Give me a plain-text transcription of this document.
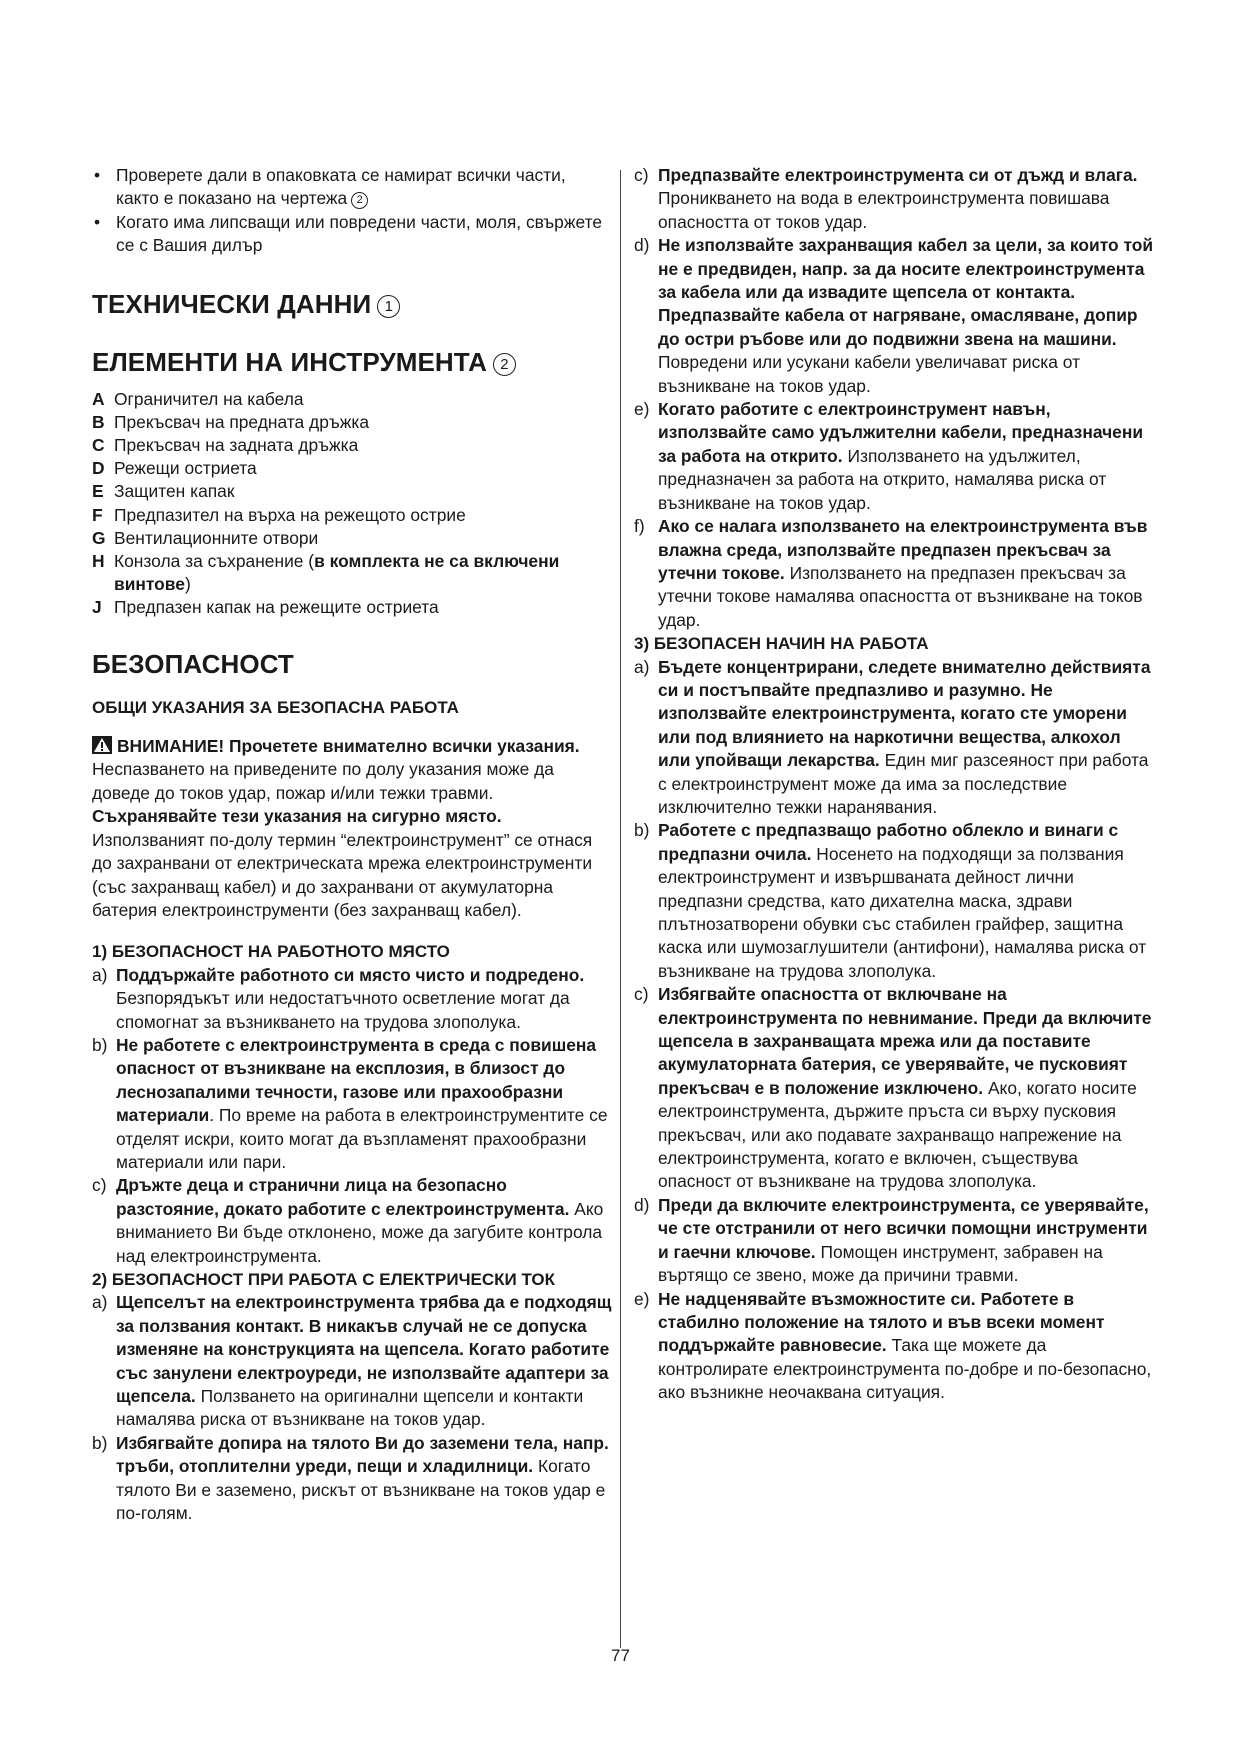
• Проверете дали в опаковката се намират всички части, както е показано на чертежа 2
• Когато има липсващи или повредени части, моля, свържете се с Вашия дилър
ТЕХНИЧЕСКИ ДАННИ 1
ЕЛЕМЕНТИ НА ИНСТРУМЕНТА 2
A Ограничител на кабела
B Прекъсвач на предната дръжка
C Прекъсвач на задната дръжка
D Режещи остриета
E Защитен капак
F Предпазител на върха на режещото острие
G Вентилационните отвори
H Конзола за съхранение (в комплекта не са включени винтове)
J Предпазен капак на режещите остриета
БЕЗОПАСНОСТ
ОБЩИ УКАЗАНИЯ ЗА БЕЗОПАСНА РАБОТА

ВНИМАНИЕ! Прочетете внимателно всички указания. Неспазването на приведените по долу указания може да доведе до токов удар, пожар и/или тежки травми. Съхранявайте тези указания на сигурно място. Използваният по-долу термин “електроинструмент” се отнася до захранвани от електрическата мрежа електроинструменти (със захранващ кабел) и до захранвани от акумулаторна батерия електроинструменти (без захранващ кабел).

1) БЕЗОПАСНОСТ НА РАБОТНОТО МЯСТО
a) Поддържайте работното си място чисто и подредено. Безпорядъкът или недостатъчното осветление могат да спомогнат за възникването на трудова злополука.
b) Не работете с електроинструмента в среда с повишена опасност от възникване на експлозия, в близост до леснозапалими течности, газове или прахообразни материали. По време на работа в електроинструментите се отделят искри, които могат да възпламенят прахообразни материали или пари.
c) Дръжте деца и странични лица на безопасно разстояние, докато работите с електроинструмента. Ако вниманието Ви бъде отклонено, може да загубите контрола над електроинструмента.
2) БЕЗОПАСНОСТ ПРИ РАБОТА С ЕЛЕКТРИЧЕСКИ ТОК
a) Щепселът на електроинструмента трябва да е подходящ за ползвания контакт. В никакъв случай не се допуска изменяне на конструкцията на щепсела. Когато работите със занулени електроуреди, не използвайте адаптери за щепсела. Ползването на оригинални щепсели и контакти намалява риска от възникване на токов удар.
b) Избягвайте допира на тялото Ви до заземени тела, напр. тръби, отоплителни уреди, пещи и хладилници. Когато тялото Ви е заземено, рискът от възникване на токов удар е по-голям.
c) Предпазвайте електроинструмента си от дъжд и влага. Проникването на вода в електроинструмента повишава опасността от токов удар.
d) Не използвайте захранващия кабел за цели, за които той не е предвиден, напр. за да носите електроинструмента за кабела или да извадите щепсела от контакта. Предпазвайте кабела от нагряване, омасляване, допир до остри ръбове или до подвижни звена на машини. Повредени или усукани кабели увеличават риска от възникване на токов удар.
e) Когато работите с електроинструмент навън, използвайте само удължителни кабели, предназначени за работа на открито. Използването на удължител, предназначен за работа на открито, намалява риска от възникване на токов удар.
f) Ако се налага използването на електроинструмента във влажна среда, използвайте предпазен прекъсвач за утечни токове. Използването на предпазен прекъсвач за утечни токове намалява опасността от възникване на токов удар.
3) БЕЗОПАСЕН НАЧИН НА РАБОТА
a) Бъдете концентрирани, следете внимателно действията си и постъпвайте предпазливо и разумно. Не използвайте електроинструмента, когато сте уморени или под влиянието на наркотични вещества, алкохол или упойващи лекарства. Един миг разсеяност при работа с електроинструмент може да има за последствие изключително тежки наранявания.
b) Работете с предпазващо работно облекло и винаги с предпазни очила. Носенето на подходящи за ползвания електроинструмент и извършваната дейност лични предпазни средства, като дихателна маска, здрави плътнозатворени обувки със стабилен грайфер, защитна каска или шумозаглушители (антифони), намалява риска от възникване на трудова злополука.
c) Избягвайте опасността от включване на електроинструмента по невнимание. Преди да включите щепсела в захранващата мрежа или да поставите акумулаторната батерия, се уверявайте, че пусковият прекъсвач е в положение изключено. Ако, когато носите електроинструмента, държите пръста си върху пусковия прекъсвач, или ако подавате захранващо напрежение на електроинструмента, когато е включен, съществува опасност от възникване на трудова злополука.
d) Преди да включите електроинструмента, се уверявайте, че сте отстранили от него всички помощни инструменти и гаечни ключове. Помощен инструмент, забравен на въртящо се звено, може да причини травми.
e) Не надценявайте възможностите си. Работете в стабилно положение на тялото и във всеки момент поддържайте равновесие. Така ще можете да контролирате електроинструмента по-добре и по-безопасно, ако възникне неочаквана ситуация.
77
